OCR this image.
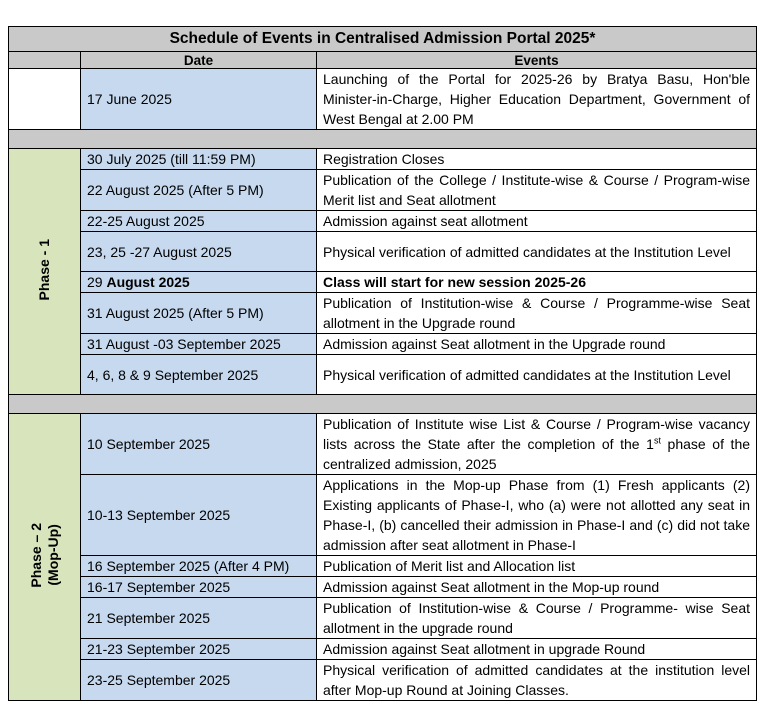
Schedule of Events in Centralised Admission Portal 2025*		
	Date	Events
	17 June 2025	Launching of the Portal for 2025-26 by Bratya Basu, Hon'ble Minister-in-Charge, Higher Education Department, Government of West Bengal at 2.00 PM

Phase - 1	30 July 2025 (till 11:59 PM)	Registration Closes
	22 August 2025 (After 5 PM)	Publication of the College / Institute-wise & Course / Program-wise Merit list and Seat allotment
	22-25 August 2025	Admission against seat allotment
	23, 25 -27 August 2025	Physical verification of admitted candidates at the Institution Level
	29 August 2025	Class will start for new session 2025-26
	31 August 2025 (After 5 PM)	Publication of Institution-wise & Course / Programme-wise Seat allotment in the Upgrade round
	31 August -03 September 2025	Admission against Seat allotment in the Upgrade round
	4, 6, 8 & 9 September 2025	Physical verification of admitted candidates at the Institution Level

Phase – 2 (Mop-Up)	10 September 2025	Publication of Institute wise List & Course / Program-wise vacancy lists across the State after the completion of the 1st phase of the centralized admission, 2025
	10-13 September 2025	Applications in the Mop-up Phase from (1) Fresh applicants (2) Existing applicants of Phase-I, who (a) were not allotted any seat in Phase-I, (b) cancelled their admission in Phase-I and (c) did not take admission after seat allotment in Phase-I
	16 September 2025 (After 4 PM)	Publication of Merit list and Allocation list
	16-17 September 2025	Admission against Seat allotment in the Mop-up round
	21 September 2025	Publication of Institution-wise & Course / Programme- wise Seat allotment in the upgrade round
	21-23 September 2025	Admission against Seat allotment in upgrade Round
	23-25 September 2025	Physical verification of admitted candidates at the institution level after Mop-up Round at Joining Classes.
